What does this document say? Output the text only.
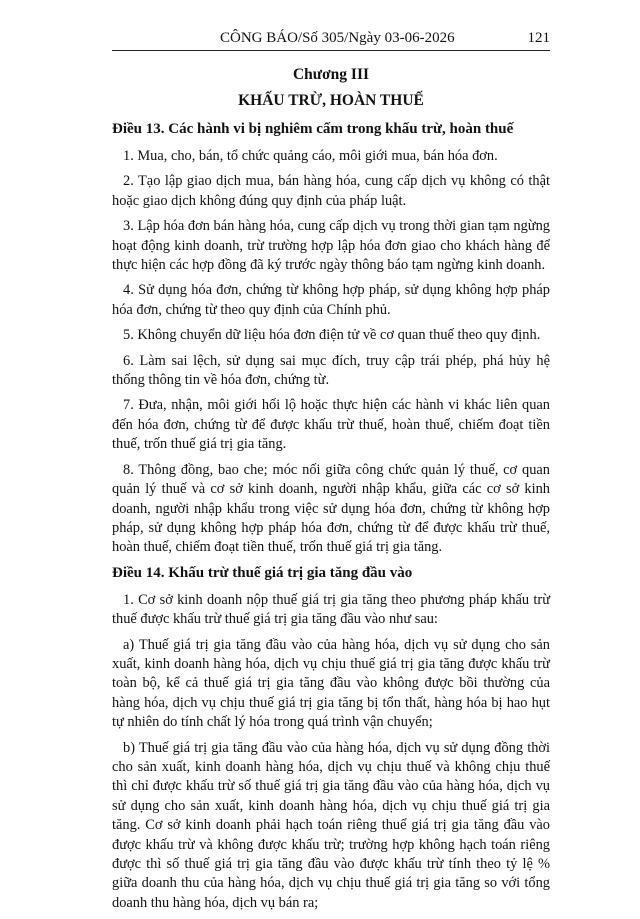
CÔNG BÁO/Số 305/Ngày 03-06-2026	121
Chương III
KHẤU TRỪ, HOÀN THUẾ
Điều 13. Các hành vi bị nghiêm cấm trong khấu trừ, hoàn thuế

1. Mua, cho, bán, tổ chức quảng cáo, môi giới mua, bán hóa đơn.

2. Tạo lập giao dịch mua, bán hàng hóa, cung cấp dịch vụ không có thật hoặc giao dịch không đúng quy định của pháp luật.

3. Lập hóa đơn bán hàng hóa, cung cấp dịch vụ trong thời gian tạm ngừng hoạt động kinh doanh, trừ trường hợp lập hóa đơn giao cho khách hàng để thực hiện các hợp đồng đã ký trước ngày thông báo tạm ngừng kinh doanh.

4. Sử dụng hóa đơn, chứng từ không hợp pháp, sử dụng không hợp pháp hóa đơn, chứng từ theo quy định của Chính phủ.

5. Không chuyển dữ liệu hóa đơn điện tử về cơ quan thuế theo quy định.

6. Làm sai lệch, sử dụng sai mục đích, truy cập trái phép, phá hủy hệ thống thông tin về hóa đơn, chứng từ.

7. Đưa, nhận, môi giới hối lộ hoặc thực hiện các hành vi khác liên quan đến hóa đơn, chứng từ để được khấu trừ thuế, hoàn thuế, chiếm đoạt tiền thuế, trốn thuế giá trị gia tăng.

8. Thông đồng, bao che; móc nối giữa công chức quản lý thuế, cơ quan quản lý thuế và cơ sở kinh doanh, người nhập khẩu, giữa các cơ sở kinh doanh, người nhập khẩu trong việc sử dụng hóa đơn, chứng từ không hợp pháp, sử dụng không hợp pháp hóa đơn, chứng từ để được khấu trừ thuế, hoàn thuế, chiếm đoạt tiền thuế, trốn thuế giá trị gia tăng.

Điều 14. Khấu trừ thuế giá trị gia tăng đầu vào

1. Cơ sở kinh doanh nộp thuế giá trị gia tăng theo phương pháp khấu trừ thuế được khấu trừ thuế giá trị gia tăng đầu vào như sau:

a) Thuế giá trị gia tăng đầu vào của hàng hóa, dịch vụ sử dụng cho sản xuất, kinh doanh hàng hóa, dịch vụ chịu thuế giá trị gia tăng được khấu trừ toàn bộ, kể cả thuế giá trị gia tăng đầu vào không được bồi thường của hàng hóa, dịch vụ chịu thuế giá trị gia tăng bị tổn thất, hàng hóa bị hao hụt tự nhiên do tính chất lý hóa trong quá trình vận chuyển;

b) Thuế giá trị gia tăng đầu vào của hàng hóa, dịch vụ sử dụng đồng thời cho sản xuất, kinh doanh hàng hóa, dịch vụ chịu thuế và không chịu thuế thì chỉ được khấu trừ số thuế giá trị gia tăng đầu vào của hàng hóa, dịch vụ sử dụng cho sản xuất, kinh doanh hàng hóa, dịch vụ chịu thuế giá trị gia tăng. Cơ sở kinh doanh phải hạch toán riêng thuế giá trị gia tăng đầu vào được khấu trừ và không được khấu trừ; trường hợp không hạch toán riêng được thì số thuế giá trị gia tăng đầu vào được khấu trừ tính theo tỷ lệ % giữa doanh thu của hàng hóa, dịch vụ chịu thuế giá trị gia tăng so với tổng doanh thu hàng hóa, dịch vụ bán ra;
